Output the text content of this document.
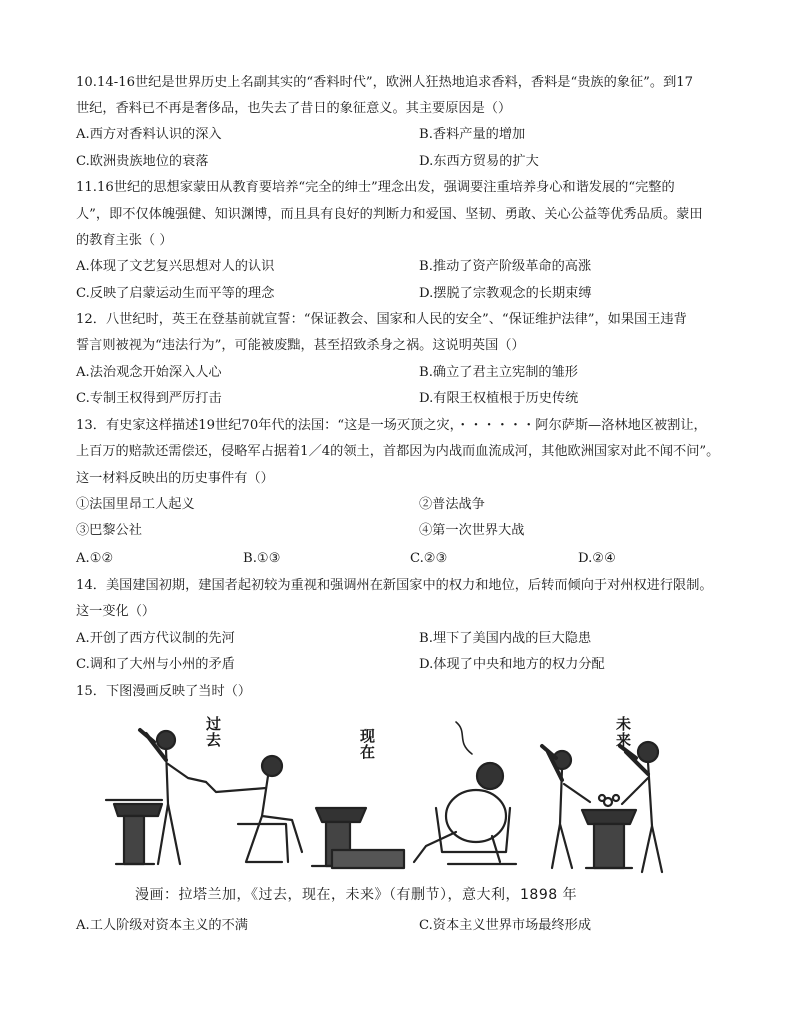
10.14-16世纪是世界历史上名副其实的“香料时代”，欧洲人狂热地追求香料，香料是“贵族的象征”。到17
世纪，香料已不再是奢侈品，也失去了昔日的象征意义。其主要原因是（）
A.西方对香料认识的深入	B.香料产量的增加
C.欧洲贵族地位的衰落	D.东西方贸易的扩大
11.16世纪的思想家蒙田从教育要培养“完全的绅士”理念出发，强调要注重培养身心和谐发展的“完整的
人”，即不仅体魄强健、知识渊博，而且具有良好的判断力和爱国、坚韧、勇敢、关心公益等优秀品质。蒙田
的教育主张（ ）
A.体现了文艺复兴思想对人的认识	B.推动了资产阶级革命的高涨
C.反映了启蒙运动生而平等的理念	D.摆脱了宗教观念的长期束缚
12．八世纪时，英王在登基前就宣誓：“保证教会、国家和人民的安全”、“保证维护法律”，如果国王违背
誓言则被视为“违法行为”，可能被废黜，甚至招致杀身之祸。这说明英国（）
A.法治观念开始深入人心	B.确立了君主立宪制的雏形
C.专制王权得到严厉打击	D.有限王权植根于历史传统
13．有史家这样描述19世纪70年代的法国：“这是一场灭顶之灾，・・・・・・阿尔萨斯—洛林地区被割让，
上百万的赔款还需偿还，侵略军占据着1／4的领土，首都因为内战而血流成河，其他欧洲国家对此不闻不问”。
这一材料反映出的历史事件有（）
①法国里昂工人起义	②普法战争
③巴黎公社	④第一次世界大战
A.①②	B.①③	C.②③	D.②④
14．美国建国初期，建国者起初较为重视和强调州在新国家中的权力和地位，后转而倾向于对州权进行限制。
这一变化（）
A.开创了西方代议制的先河	B.埋下了美国内战的巨大隐患
C.调和了大州与小州的矛盾	D.体现了中央和地方的权力分配
15．下图漫画反映了当时（）
过
去	现
在
未
来
漫画：拉塔兰加，《过去，现在，未来》（有删节），意大利，1898 年
A.工人阶级对资本主义的不满	C.资本主义世界市场最终形成
